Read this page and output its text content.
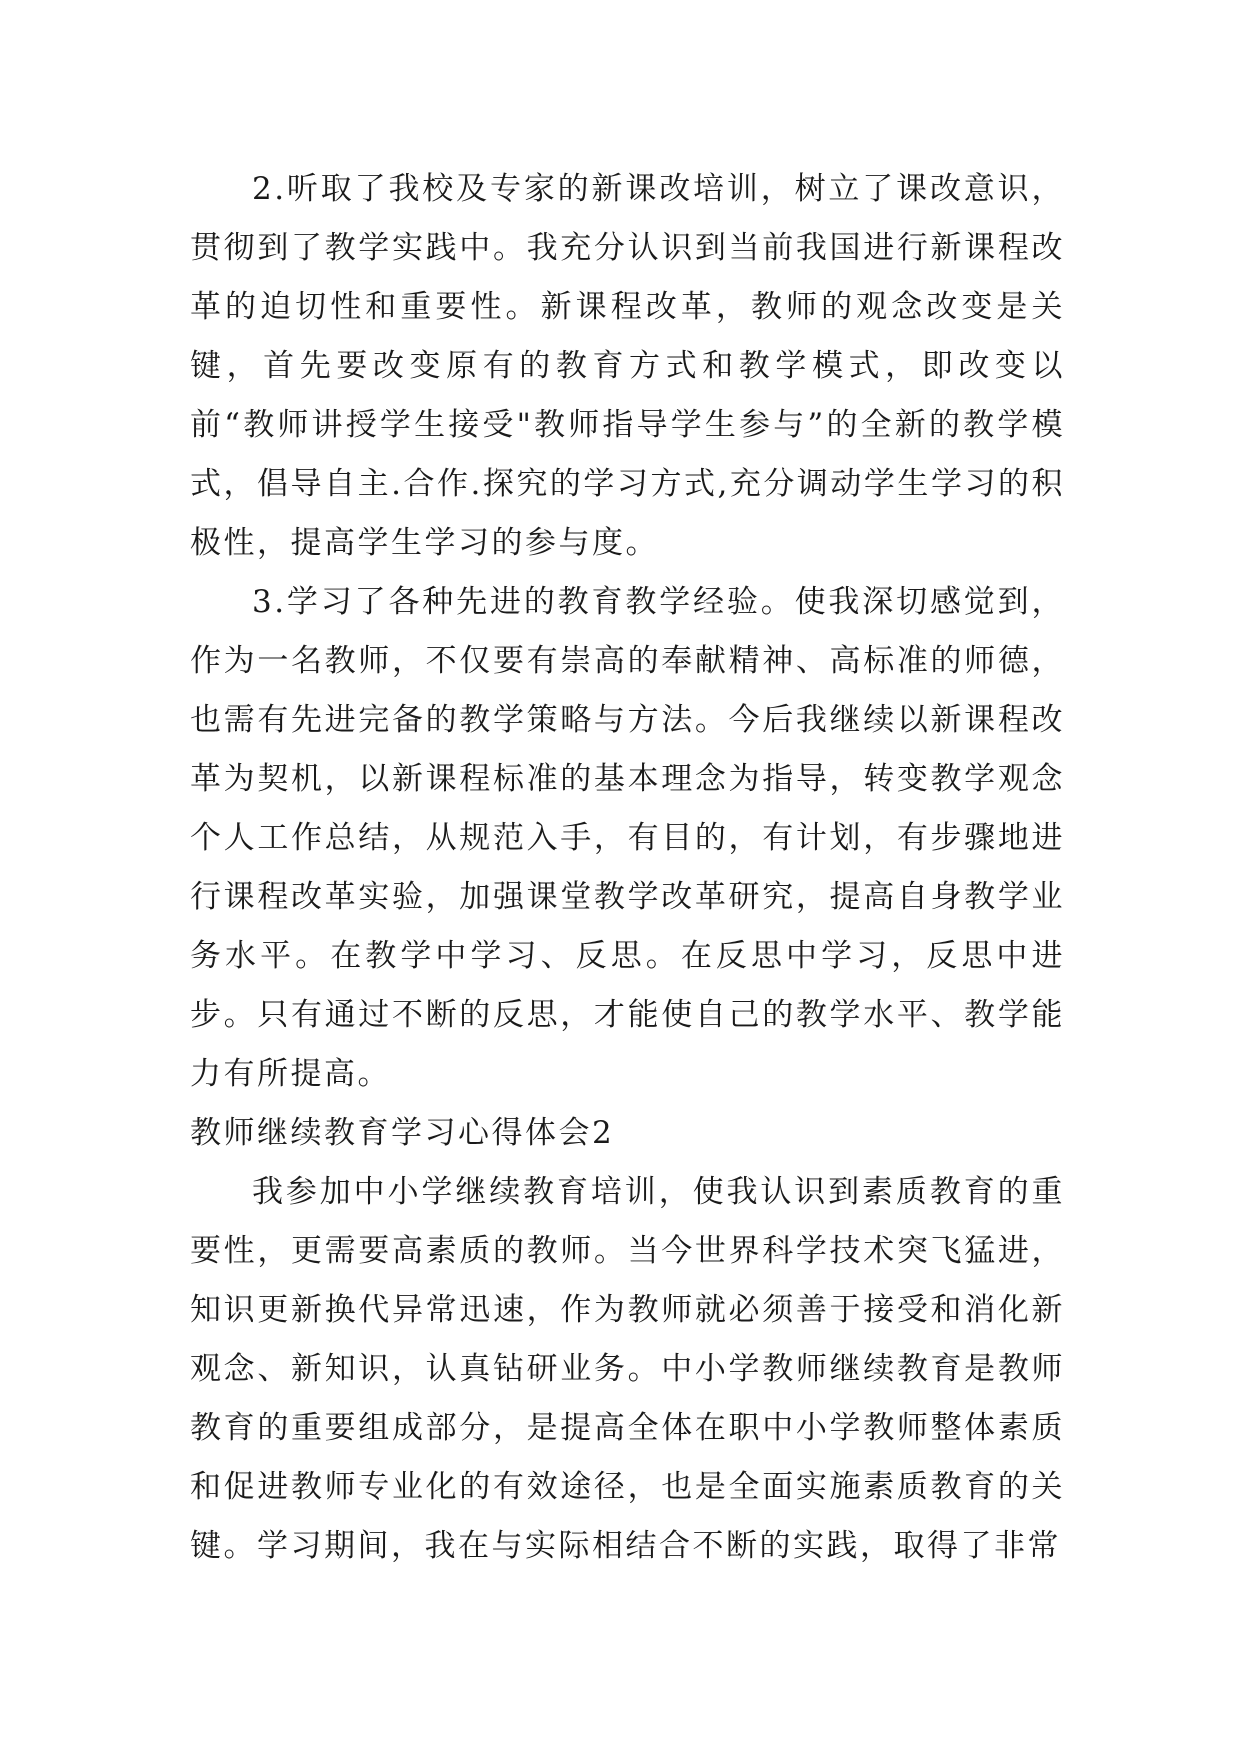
2.听取了我校及专家的新课改培训，树立了课改意识，贯彻到了教学实践中。我充分认识到当前我国进行新课程改革的迫切性和重要性。新课程改革，教师的观念改变是关键，首先要改变原有的教育方式和教学模式，即改变以前“教师讲授学生接受"教师指导学生参与”的全新的教学模式，倡导自主.合作.探究的学习方式,充分调动学生学习的积极性，提高学生学习的参与度。

3.学习了各种先进的教育教学经验。使我深切感觉到，作为一名教师，不仅要有崇高的奉献精神、高标准的师德，也需有先进完备的教学策略与方法。今后我继续以新课程改革为契机，以新课程标准的基本理念为指导，转变教学观念个人工作总结，从规范入手，有目的，有计划，有步骤地进行课程改革实验，加强课堂教学改革研究，提高自身教学业务水平。在教学中学习、反思。在反思中学习，反思中进步。只有通过不断的反思，才能使自己的教学水平、教学能力有所提高。

教师继续教育学习心得体会2

我参加中小学继续教育培训，使我认识到素质教育的重要性，更需要高素质的教师。当今世界科学技术突飞猛进，知识更新换代异常迅速，作为教师就必须善于接受和消化新观念、新知识，认真钻研业务。中小学教师继续教育是教师教育的重要组成部分，是提高全体在职中小学教师整体素质和促进教师专业化的有效途径，也是全面实施素质教育的关键。学习期间，我在与实际相结合不断的实践，取得了非常
